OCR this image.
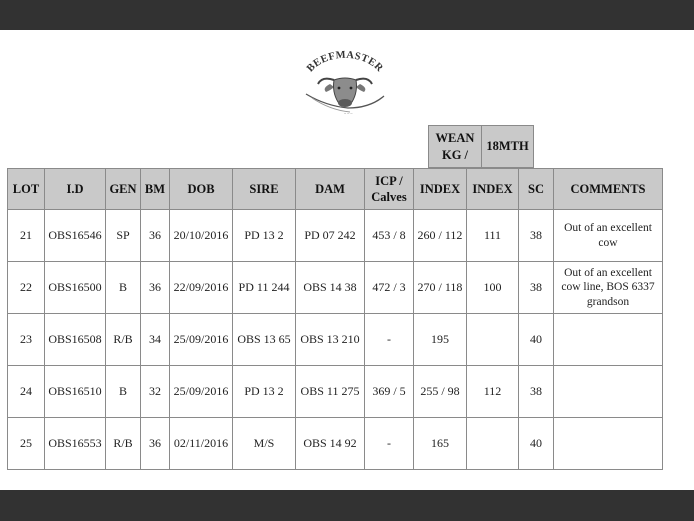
BEEFMASTER
~ ~ ~
WEAN KG /	18MTH
LOT	I.D	GEN	BM	DOB	SIRE	DAM	ICP / Calves	INDEX	INDEX	SC	COMMENTS
21	OBS16546	SP	36	20/10/2016	PD 13 2	PD 07 242	453 / 8	260 / 112	111	38	Out of an excellent cow
22	OBS16500	B	36	22/09/2016	PD 11 244	OBS 14 38	472 / 3	270 / 118	100	38	Out of an excellent cow line, BOS 6337 grandson
23	OBS16508	R/B	34	25/09/2016	OBS 13 65	OBS 13 210	-	195		40	
24	OBS16510	B	32	25/09/2016	PD 13 2	OBS 11 275	369 / 5	255 / 98	112	38	
25	OBS16553	R/B	36	02/11/2016	M/S	OBS 14 92	-	165		40	
